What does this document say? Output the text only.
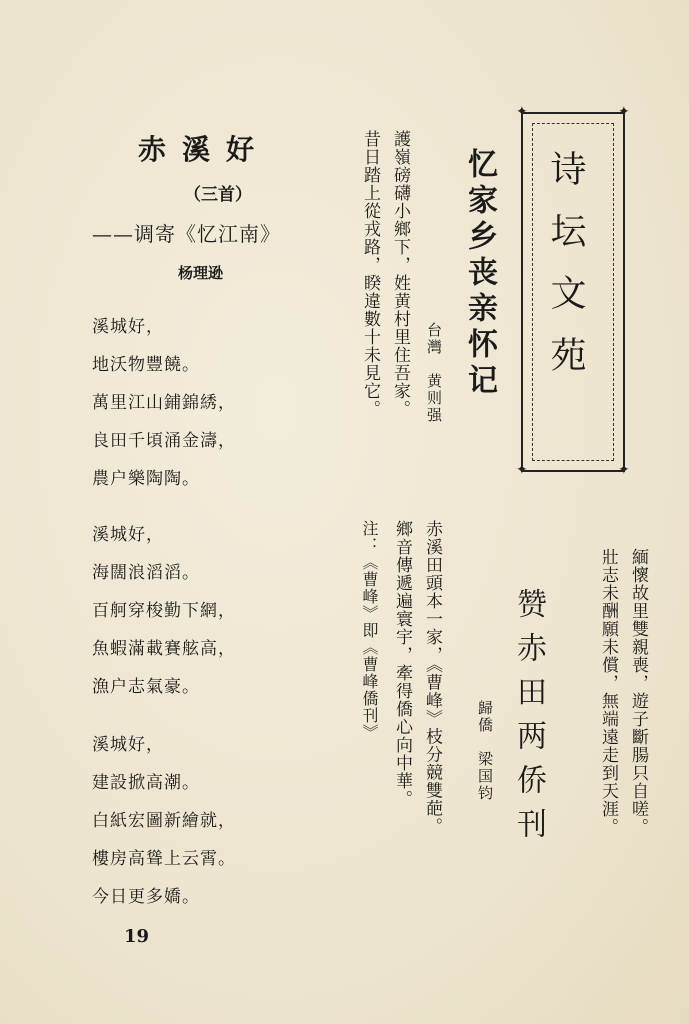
赤溪好
（三首）
——调寄《忆江南》
杨理逊
溪城好，
地沃物豐饒。
萬里江山鋪錦綉，
良田千頃涌金濤，
農户樂陶陶。
溪城好，
海闊浪滔滔。
百舸穿梭勤下網，
魚蝦滿載賽舷高，
漁户志氣豪。
溪城好，
建設掀高潮。
白紙宏圖新繪就，
樓房高聳上云霄。
今日更多嬌。
19
✦	✦
✦	✦
诗坛文苑
忆家乡丧亲怀记
台灣　黄则强
護嶺磅礴小鄉下，姓黄村里住吾家。
昔日踏上從戎路，睽違數十未見它。
緬懷故里雙親喪，遊子斷腸只自嗟。
壯志未酬願未償，無端遠走到天涯。
赞赤田两侨刊
歸僑　梁国钧
赤溪田頭本一家，《曹峰》枝分競雙葩。
鄉音傳遞遍寰宇，牽得僑心向中華。
注：《曹峰》即《曹峰僑刊》
